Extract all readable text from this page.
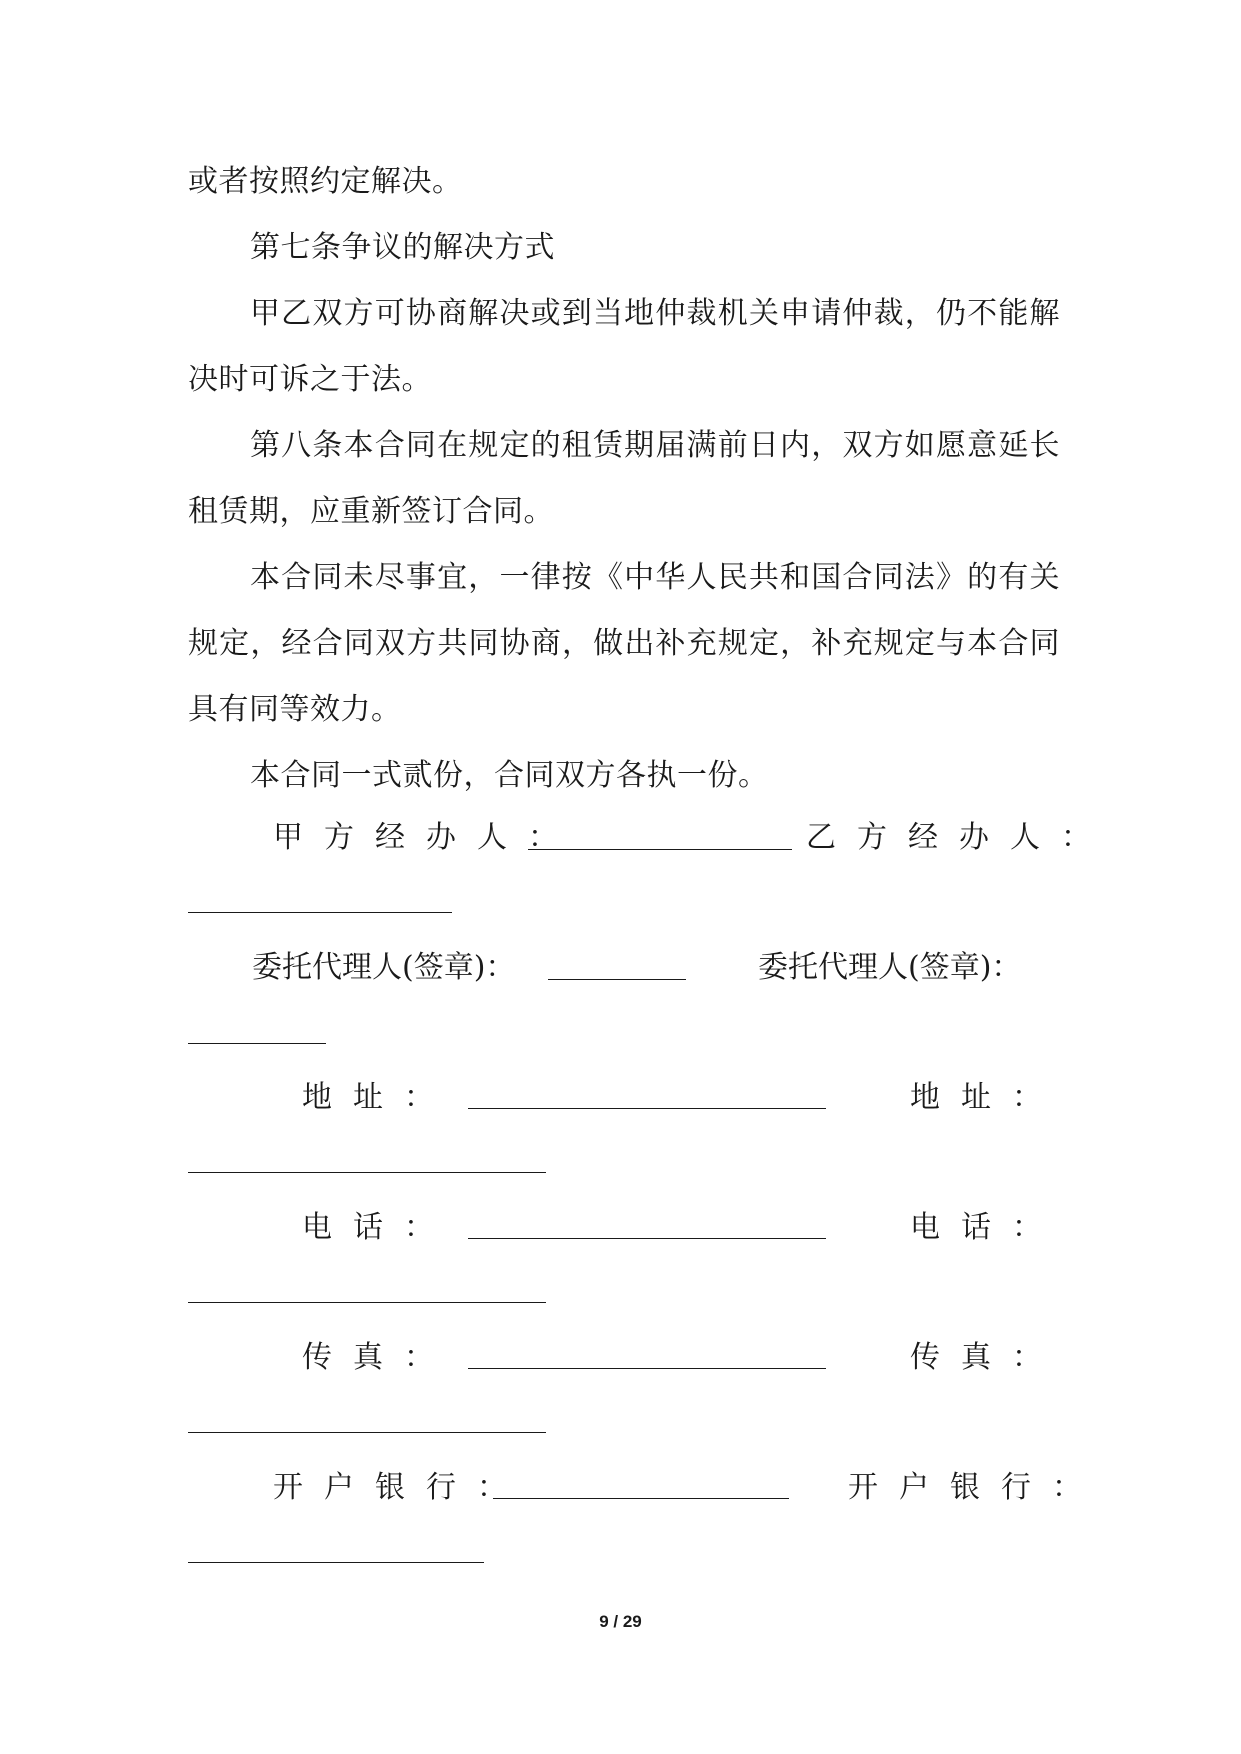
或者按照约定解决。
第七条争议的解决方式
甲乙双方可协商解决或到当地仲裁机关申请仲裁，仍不能解
决时可诉之于法。
第八条本合同在规定的租赁期届满前日内，双方如愿意延长
租赁期，应重新签订合同。
本合同未尽事宜，一律按《中华人民共和国合同法》的有关
规定，经合同双方共同协商，做出补充规定，补充规定与本合同
具有同等效力。
本合同一式贰份，合同双方各执一份。
甲方经办人：	乙方经办人：
委托代理人(签章)：	委托代理人(签章)：
地址：	地址：
电话：	电话：
传真：	传真：
开户银行：	开户银行：
9 / 29
